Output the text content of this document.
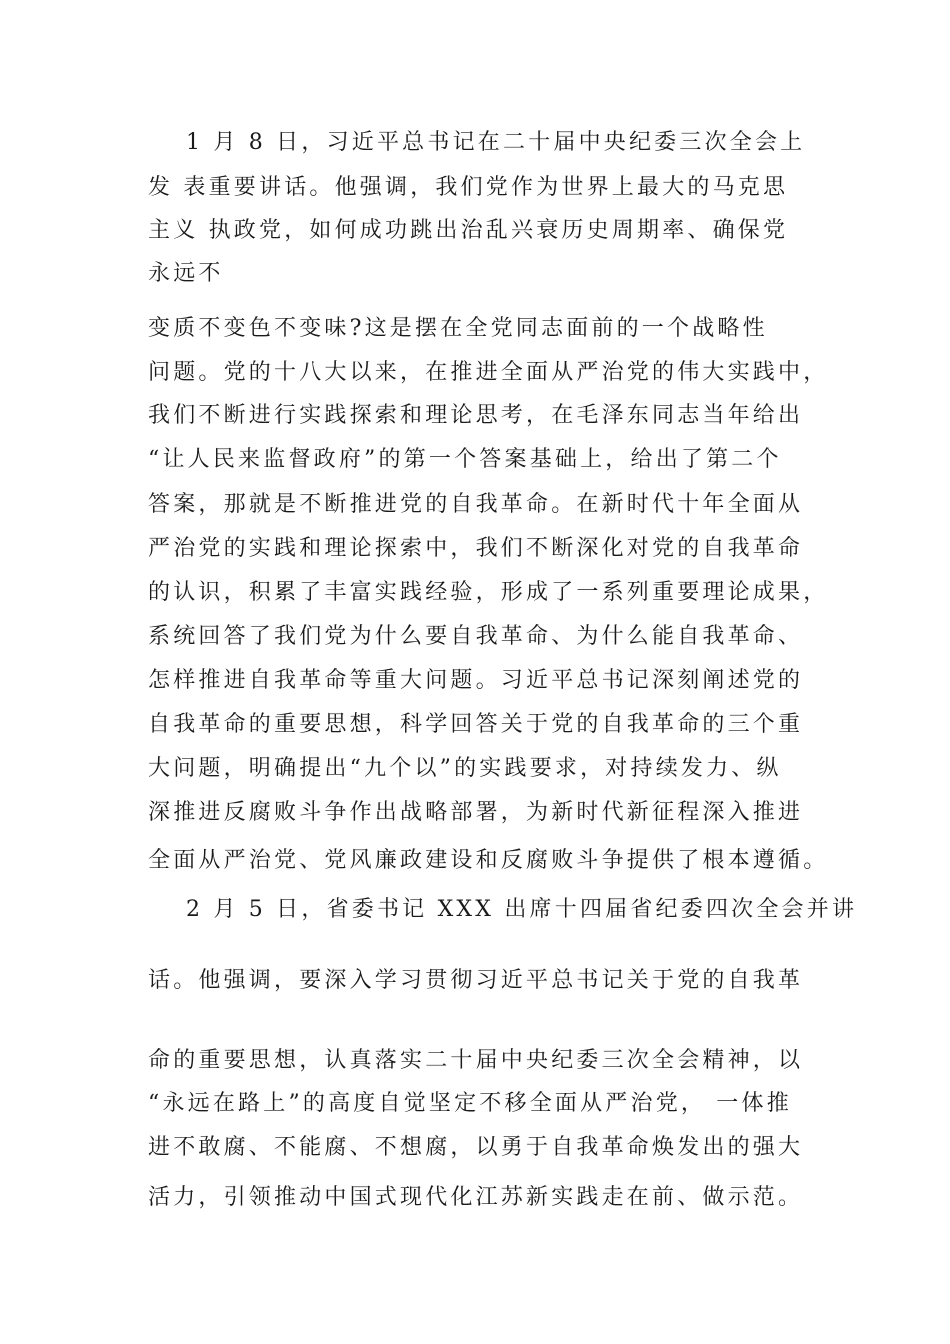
1 月 8 日，习近平总书记在二十届中央纪委三次全会上
发 表重要讲话。他强调，我们党作为世界上最大的马克思
主义 执政党，如何成功跳出治乱兴衰历史周期率、确保党
永远不
变质不变色不变味?这是摆在全党同志面前的一个战略性
问题。党的十八大以来，在推进全面从严治党的伟大实践中，
我们不断进行实践探索和理论思考，在毛泽东同志当年给出
“让人民来监督政府”的第一个答案基础上，给出了第二个
答案，那就是不断推进党的自我革命。在新时代十年全面从
严治党的实践和理论探索中，我们不断深化对党的自我革命
的认识，积累了丰富实践经验，形成了一系列重要理论成果，
系统回答了我们党为什么要自我革命、为什么能自我革命、
怎样推进自我革命等重大问题。习近平总书记深刻阐述党的
自我革命的重要思想，科学回答关于党的自我革命的三个重
大问题，明确提出“九个以”的实践要求，对持续发力、纵
深推进反腐败斗争作出战略部署，为新时代新征程深入推进
全面从严治党、党风廉政建设和反腐败斗争提供了根本遵循。
2 月 5 日，省委书记 XXX 出席十四届省纪委四次全会并讲
话。他强调，要深入学习贯彻习近平总书记关于党的自我革
命的重要思想，认真落实二十届中央纪委三次全会精神，以
“永远在路上”的高度自觉坚定不移全面从严治党， 一体推
进不敢腐、不能腐、不想腐，以勇于自我革命焕发出的强大
活力，引领推动中国式现代化江苏新实践走在前、做示范。
